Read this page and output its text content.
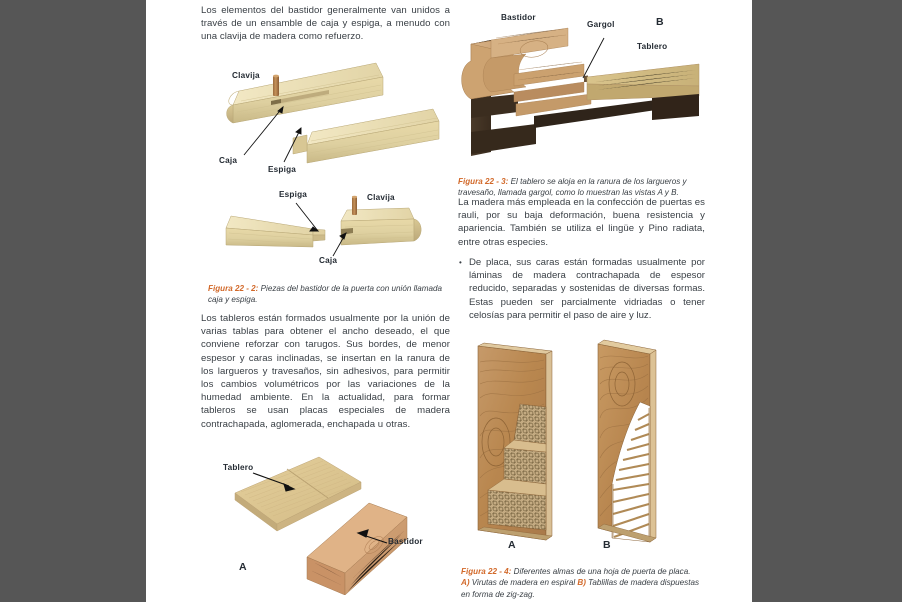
Los elementos del bastidor generalmente van unidos a través de un ensamble de caja y espiga, a menudo con una clavija de madera como refuerzo.

Clavija
Caja
Espiga
Espiga	Clavija
Caja

Figura 22 - 2: Piezas del bastidor de la puerta con unión llamada caja y espiga.

Los tableros están formados usualmente por la unión de varias tablas para obtener el ancho deseado, el que conviene reforzar con tarugos. Sus bordes, de menor espesor y caras inclinadas, se insertan en la ranura de los largueros y travesaños, sin adhesivos, para permitir los cambios volumétricos por las variaciones de la humedad ambiente. En la actualidad, para formar tableros se usan placas especiales de madera contrachapada, aglomerada, enchapada u otras.

Tablero
Bastidor
A
Bastidor
Gargol
Tablero
B

Figura 22 - 3: El tablero se aloja en la ranura de los largueros y travesaño, llamada gargol, como lo muestran las vistas A y B.

La madera más empleada en la confección de puertas es rauli, por su baja deformación, buena resistencia y apariencia. También se utiliza el lingüe y Pino radiata, entre otras especies.

• De placa, sus caras están formadas usualmente por láminas de madera contrachapada de espesor reducido, separadas y sostenidas de diversas formas. Estas pueden ser parcialmente vidriadas o tener celosías para permitir el paso de aire y luz.
A	B

Figura 22 - 4: Diferentes almas de una hoja de puerta de placa.
A) Virutas de madera en espiral B) Tablillas de madera dispuestas en forma de zig-zag.
